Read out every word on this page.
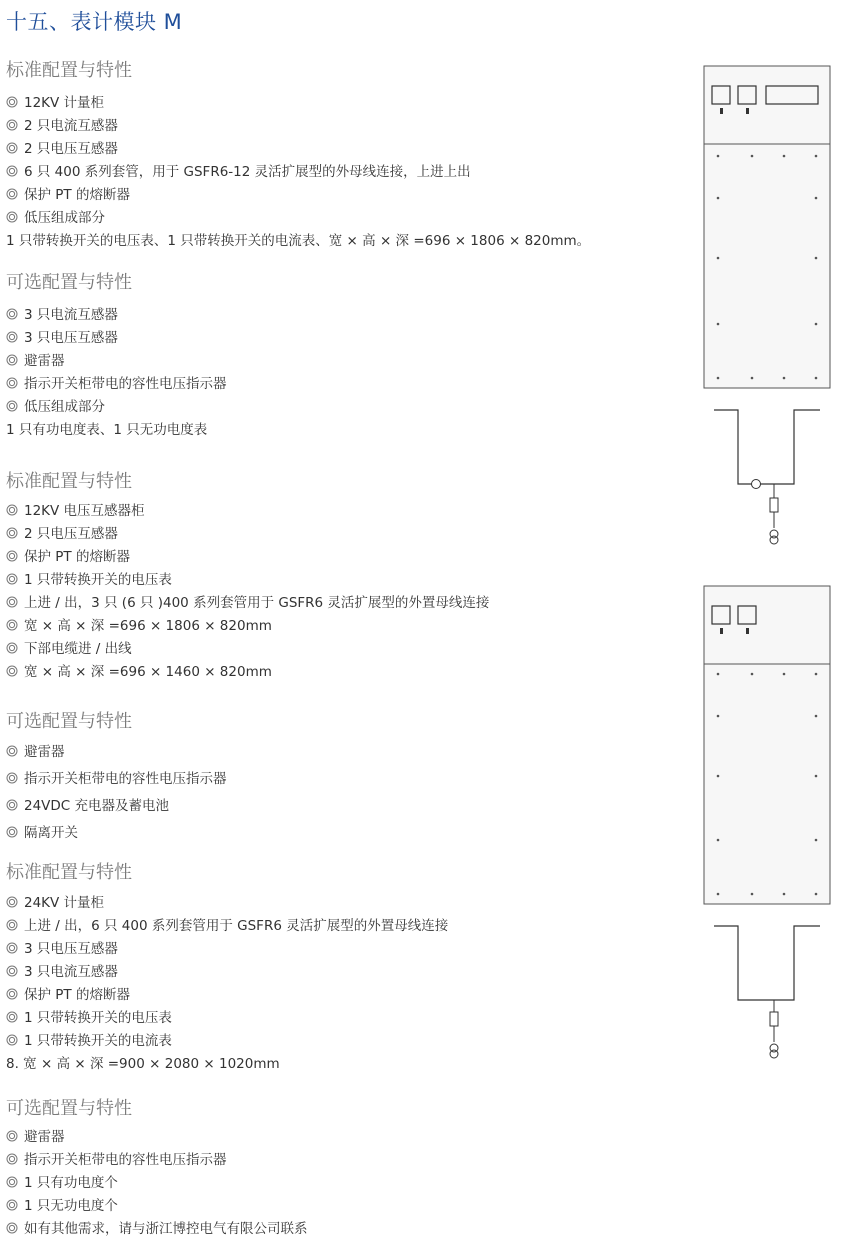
十五、表计模块 M
标准配置与特性
12KV 计量柜
2 只电流互感器
2 只电压互感器
6 只 400 系列套管，用于 GSFR6-12 灵活扩展型的外母线连接，上进上出
保护 PT 的熔断器
低压组成部分
1 只带转换开关的电压表、1 只带转换开关的电流表、宽 × 高 × 深 =696 × 1806 × 820mm。
可选配置与特性
3 只电流互感器
3 只电压互感器
避雷器
指示开关柜带电的容性电压指示器
低压组成部分
1 只有功电度表、1 只无功电度表
标准配置与特性
12KV 电压互感器柜
2 只电压互感器
保护 PT 的熔断器
1 只带转换开关的电压表
上进 / 出，3 只 (6 只 )400 系列套管用于 GSFR6 灵活扩展型的外置母线连接
宽 × 高 × 深 =696 × 1806 × 820mm
下部电缆进 / 出线
宽 × 高 × 深 =696 × 1460 × 820mm
可选配置与特性
避雷器
指示开关柜带电的容性电压指示器
24VDC 充电器及蓄电池
隔离开关
标准配置与特性
24KV 计量柜
上进 / 出，6 只 400 系列套管用于 GSFR6 灵活扩展型的外置母线连接
3 只电压互感器
3 只电流互感器
保护 PT 的熔断器
1 只带转换开关的电压表
1 只带转换开关的电流表
8. 宽 × 高 × 深 =900 × 2080 × 1020mm
可选配置与特性
避雷器
指示开关柜带电的容性电压指示器
1 只有功电度个
1 只无功电度个
如有其他需求，请与浙江博控电气有限公司联系
